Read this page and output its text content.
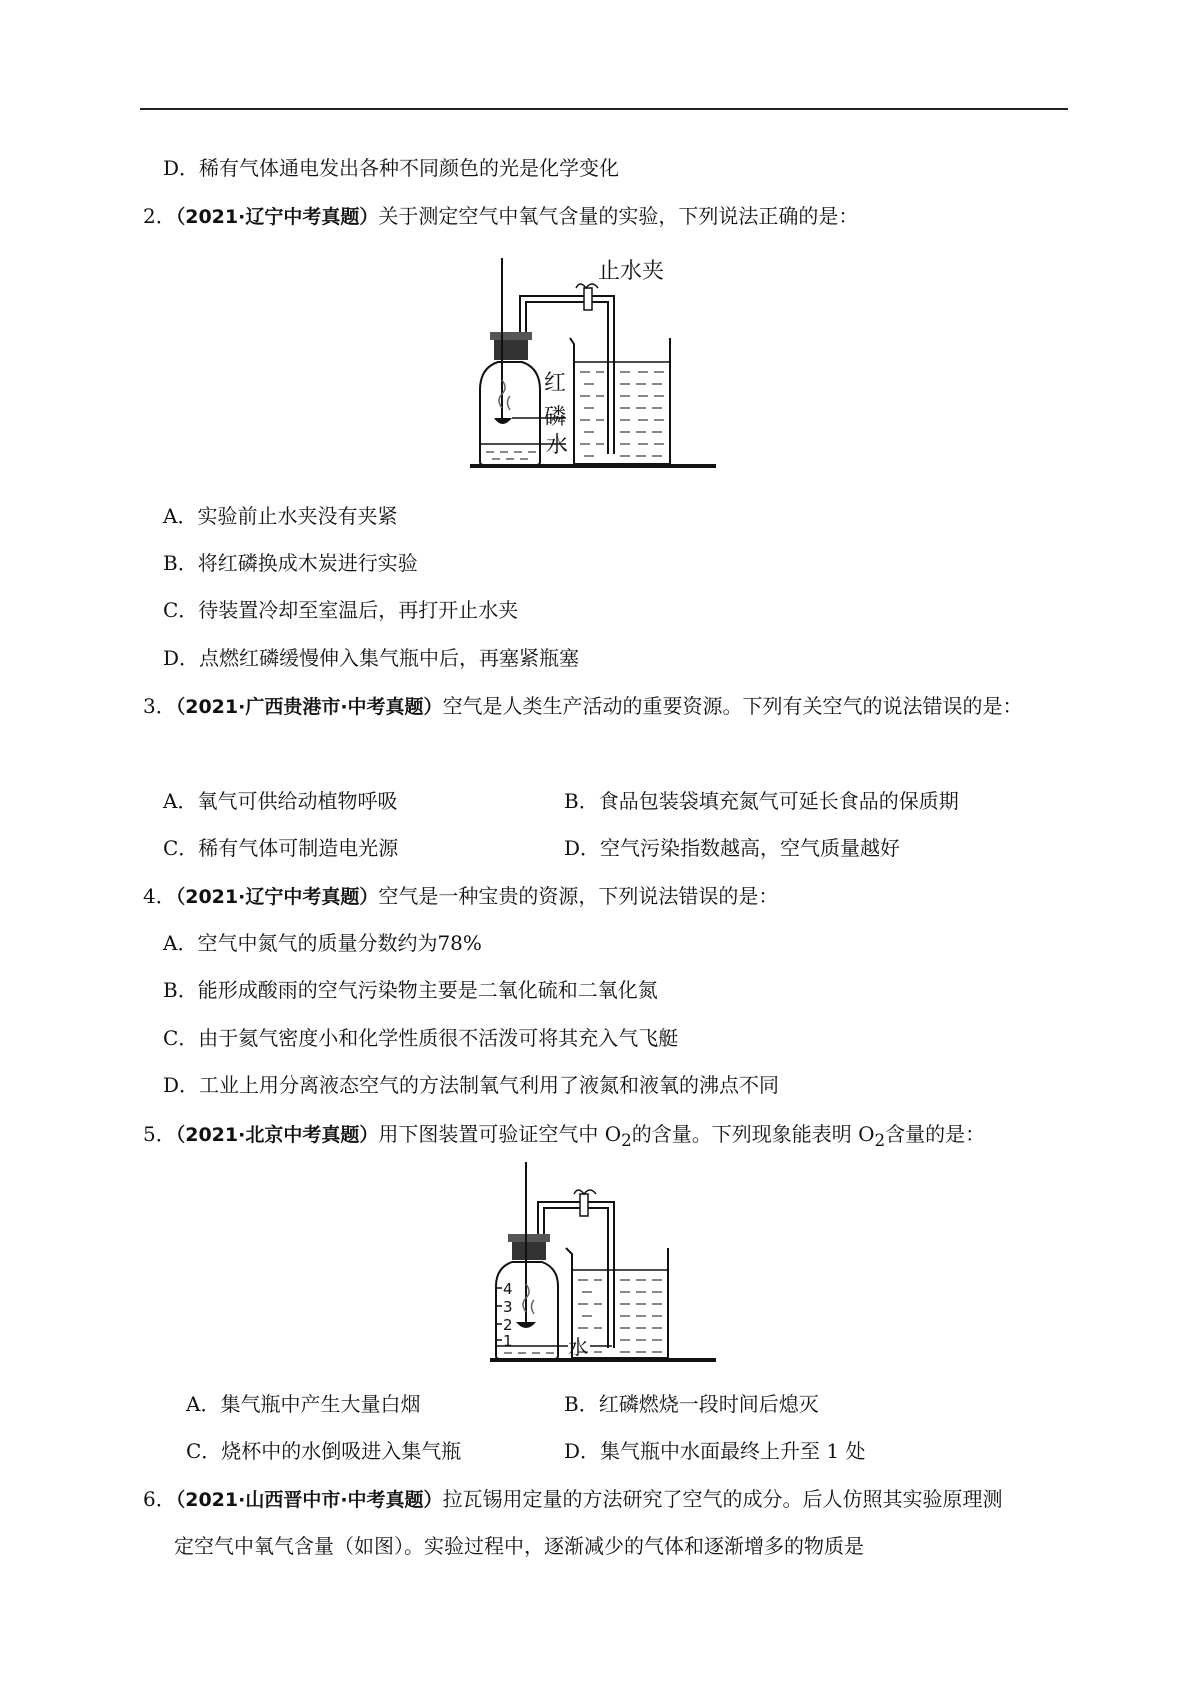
D．稀有气体通电发出各种不同颜色的光是化学变化
2．（2021·辽宁中考真题）关于测定空气中氧气含量的实验，下列说法正确的是：
止水夹
红
磷
水
A．实验前止水夹没有夹紧
B．将红磷换成木炭进行实验
C．待装置冷却至室温后，再打开止水夹
D．点燃红磷缓慢伸入集气瓶中后，再塞紧瓶塞
3．（2021·广西贵港市·中考真题）空气是人类生产活动的重要资源。下列有关空气的说法错误的是：
A．氧气可供给动植物呼吸	B．食品包装袋填充氮气可延长食品的保质期
C．稀有气体可制造电光源	D．空气污染指数越高，空气质量越好
4．（2021·辽宁中考真题）空气是一种宝贵的资源，下列说法错误的是：
A．空气中氮气的质量分数约为78%
B．能形成酸雨的空气污染物主要是二氧化硫和二氧化氮
C．由于氦气密度小和化学性质很不活泼可将其充入气飞艇
D．工业上用分离液态空气的方法制氧气利用了液氮和液氧的沸点不同
5．（2021·北京中考真题）用下图装置可验证空气中 $O_2$的含量。下列现象能表明 $O_2$含量的是：
4
3
2
1	水
A．集气瓶中产生大量白烟	B．红磷燃烧一段时间后熄灭
C．烧杯中的水倒吸进入集气瓶	D．集气瓶中水面最终上升至 1 处
6．（2021·山西晋中市·中考真题）拉瓦锡用定量的方法研究了空气的成分。后人仿照其实验原理测
定空气中氧气含量（如图）。实验过程中，逐渐减少的气体和逐渐增多的物质是
